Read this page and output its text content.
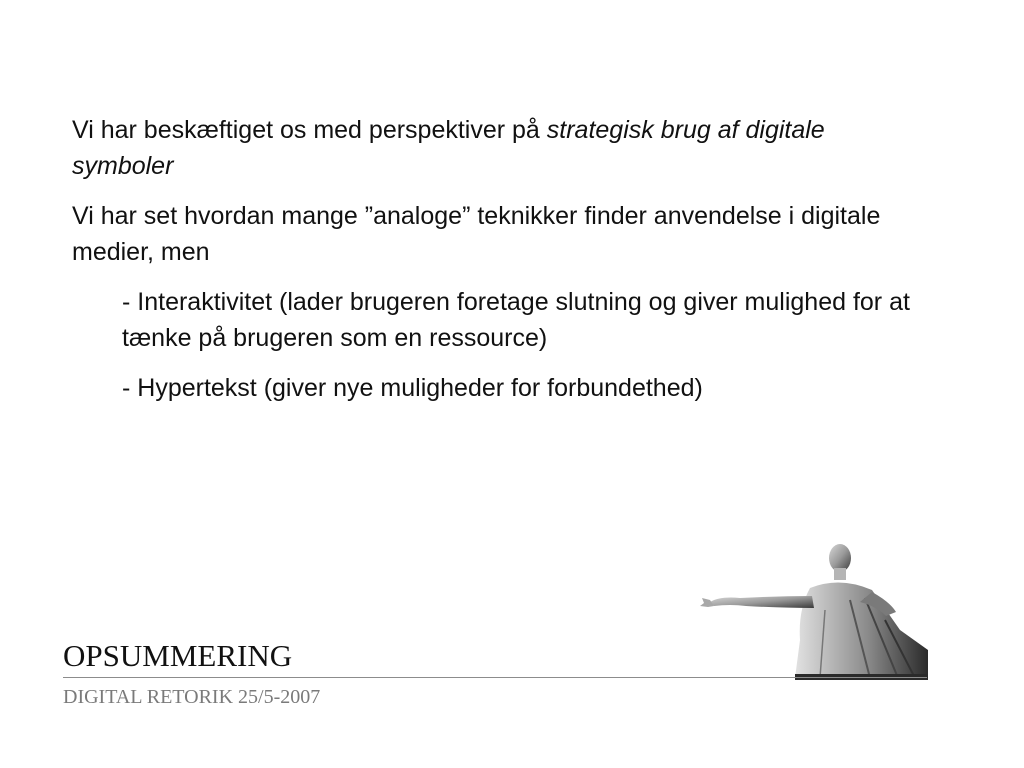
Vi har beskæftiget os med perspektiver på strategisk brug af digitale symboler

Vi har set hvordan mange ”analoge” teknikker finder anvendelse i digitale medier, men

- Interaktivitet (lader brugeren foretage slutning og giver mulighed for at tænke på brugeren som en ressource)

- Hypertekst (giver nye muligheder for forbundethed)

OPSUMMERING
DIGITAL RETORIK 25/5-2007
